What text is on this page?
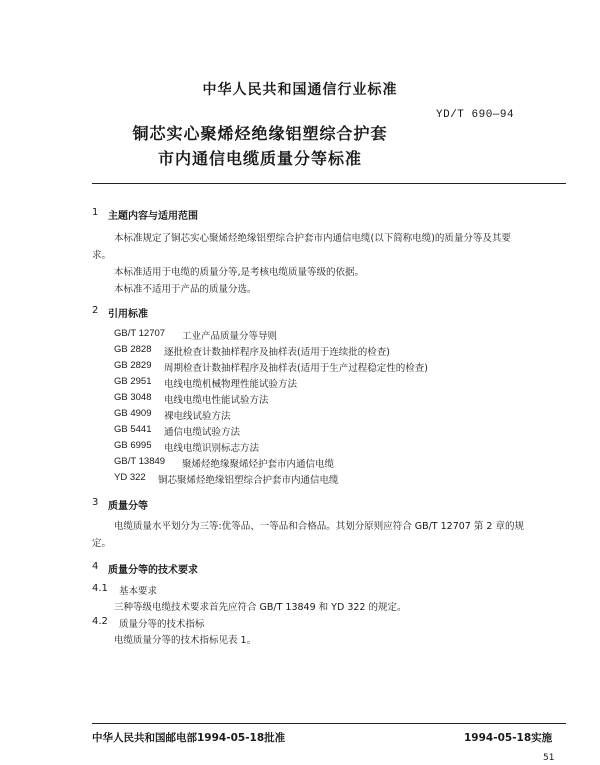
中华人民共和国通信行业标准
YD/T 690—94
铜芯实心聚烯烃绝缘铝塑综合护套
市内通信电缆质量分等标准
1 主题内容与适用范围
本标准规定了铜芯实心聚烯烃绝缘铝塑综合护套市内通信电缆(以下简称电缆)的质量分等及其要
求。
本标准适用于电缆的质量分等,是考核电缆质量等级的依据。
本标准不适用于产品的质量分选。
2 引用标准
GB/T 12707 工业产品质量分等导则
GB 2828 逐批检查计数抽样程序及抽样表(适用于连续批的检查)
GB 2829 周期检查计数抽样程序及抽样表(适用于生产过程稳定性的检查)
GB 2951 电线电缆机械物理性能试验方法
GB 3048 电线电缆电性能试验方法
GB 4909 裸电线试验方法
GB 5441 通信电缆试验方法
GB 6995 电线电缆识别标志方法
GB/T 13849 聚烯烃绝缘聚烯烃护套市内通信电缆
YD 322 铜芯聚烯烃绝缘铝塑综合护套市内通信电缆
3 质量分等
电缆质量水平划分为三等:优等品、一等品和合格品。其划分原则应符合 GB/T 12707 第 2 章的规
定。
4 质量分等的技术要求
4.1 基本要求
三种等级电缆技术要求首先应符合 GB/T 13849 和 YD 322 的规定。
4.2 质量分等的技术指标
电缆质量分等的技术指标见表 1。
中华人民共和国邮电部1994-05-18批准	1994-05-18实施
51
